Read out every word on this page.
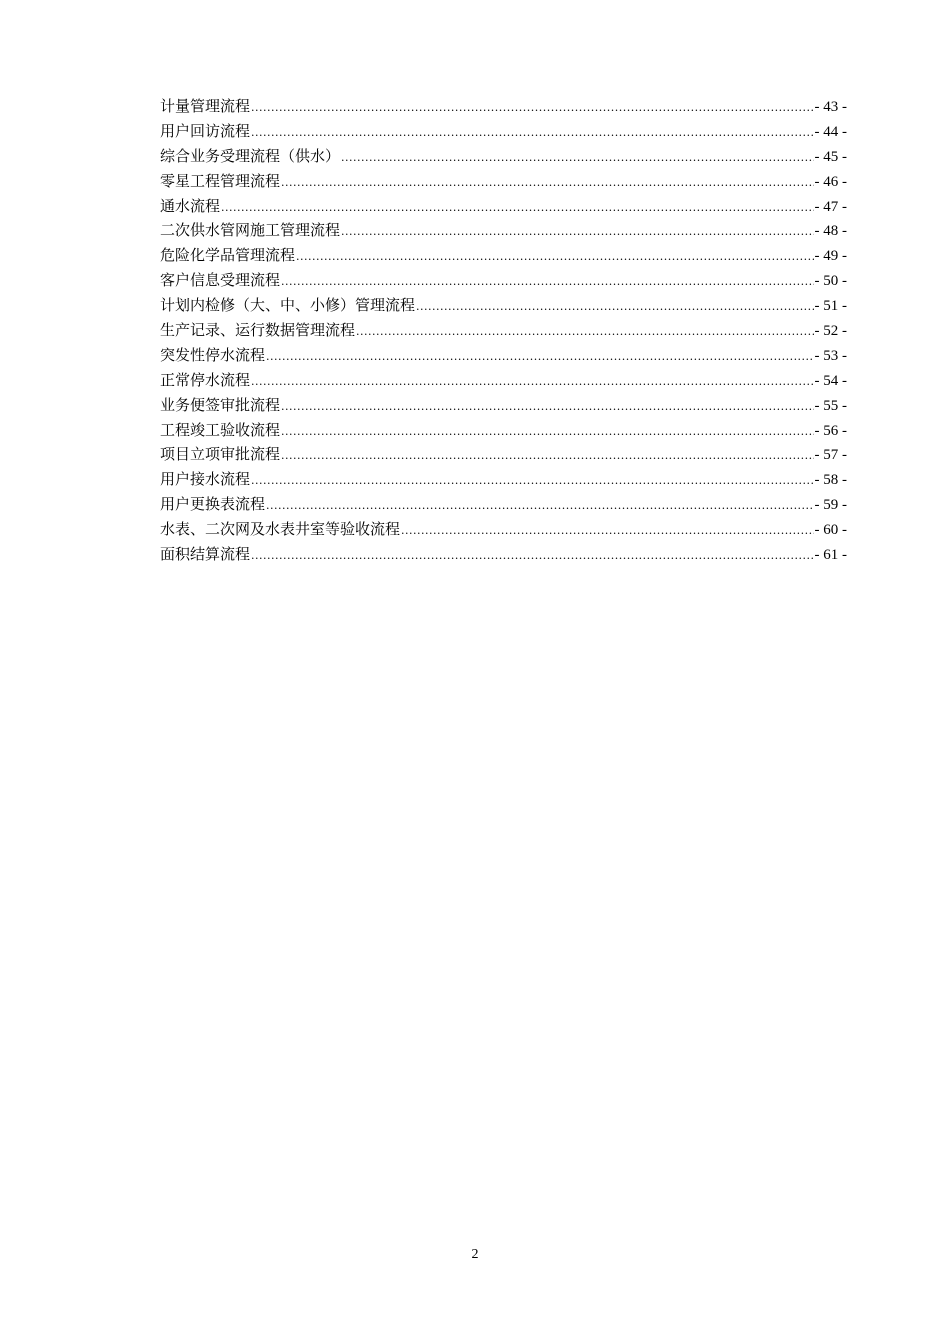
计量管理流程 .....	- 43 -
用户回访流程 .....	- 44 -
综合业务受理流程（供水） .....	- 45 -
零星工程管理流程 .....	- 46 -
通水流程 .....	- 47 -
二次供水管网施工管理流程 .....	- 48 -
危险化学品管理流程 .....	- 49 -
客户信息受理流程 .....	- 50 -
计划内检修（大、中、小修）管理流程 .....	- 51 -
生产记录、运行数据管理流程 .....	- 52 -
突发性停水流程 .....	- 53 -
正常停水流程 .....	- 54 -
业务便签审批流程 .....	- 55 -
工程竣工验收流程 .....	- 56 -
项目立项审批流程 .....	- 57 -
用户接水流程 .....	- 58 -
用户更换表流程 .....	- 59 -
水表、二次网及水表井室等验收流程 .....	- 60 -
面积结算流程 .....	- 61 -
2
